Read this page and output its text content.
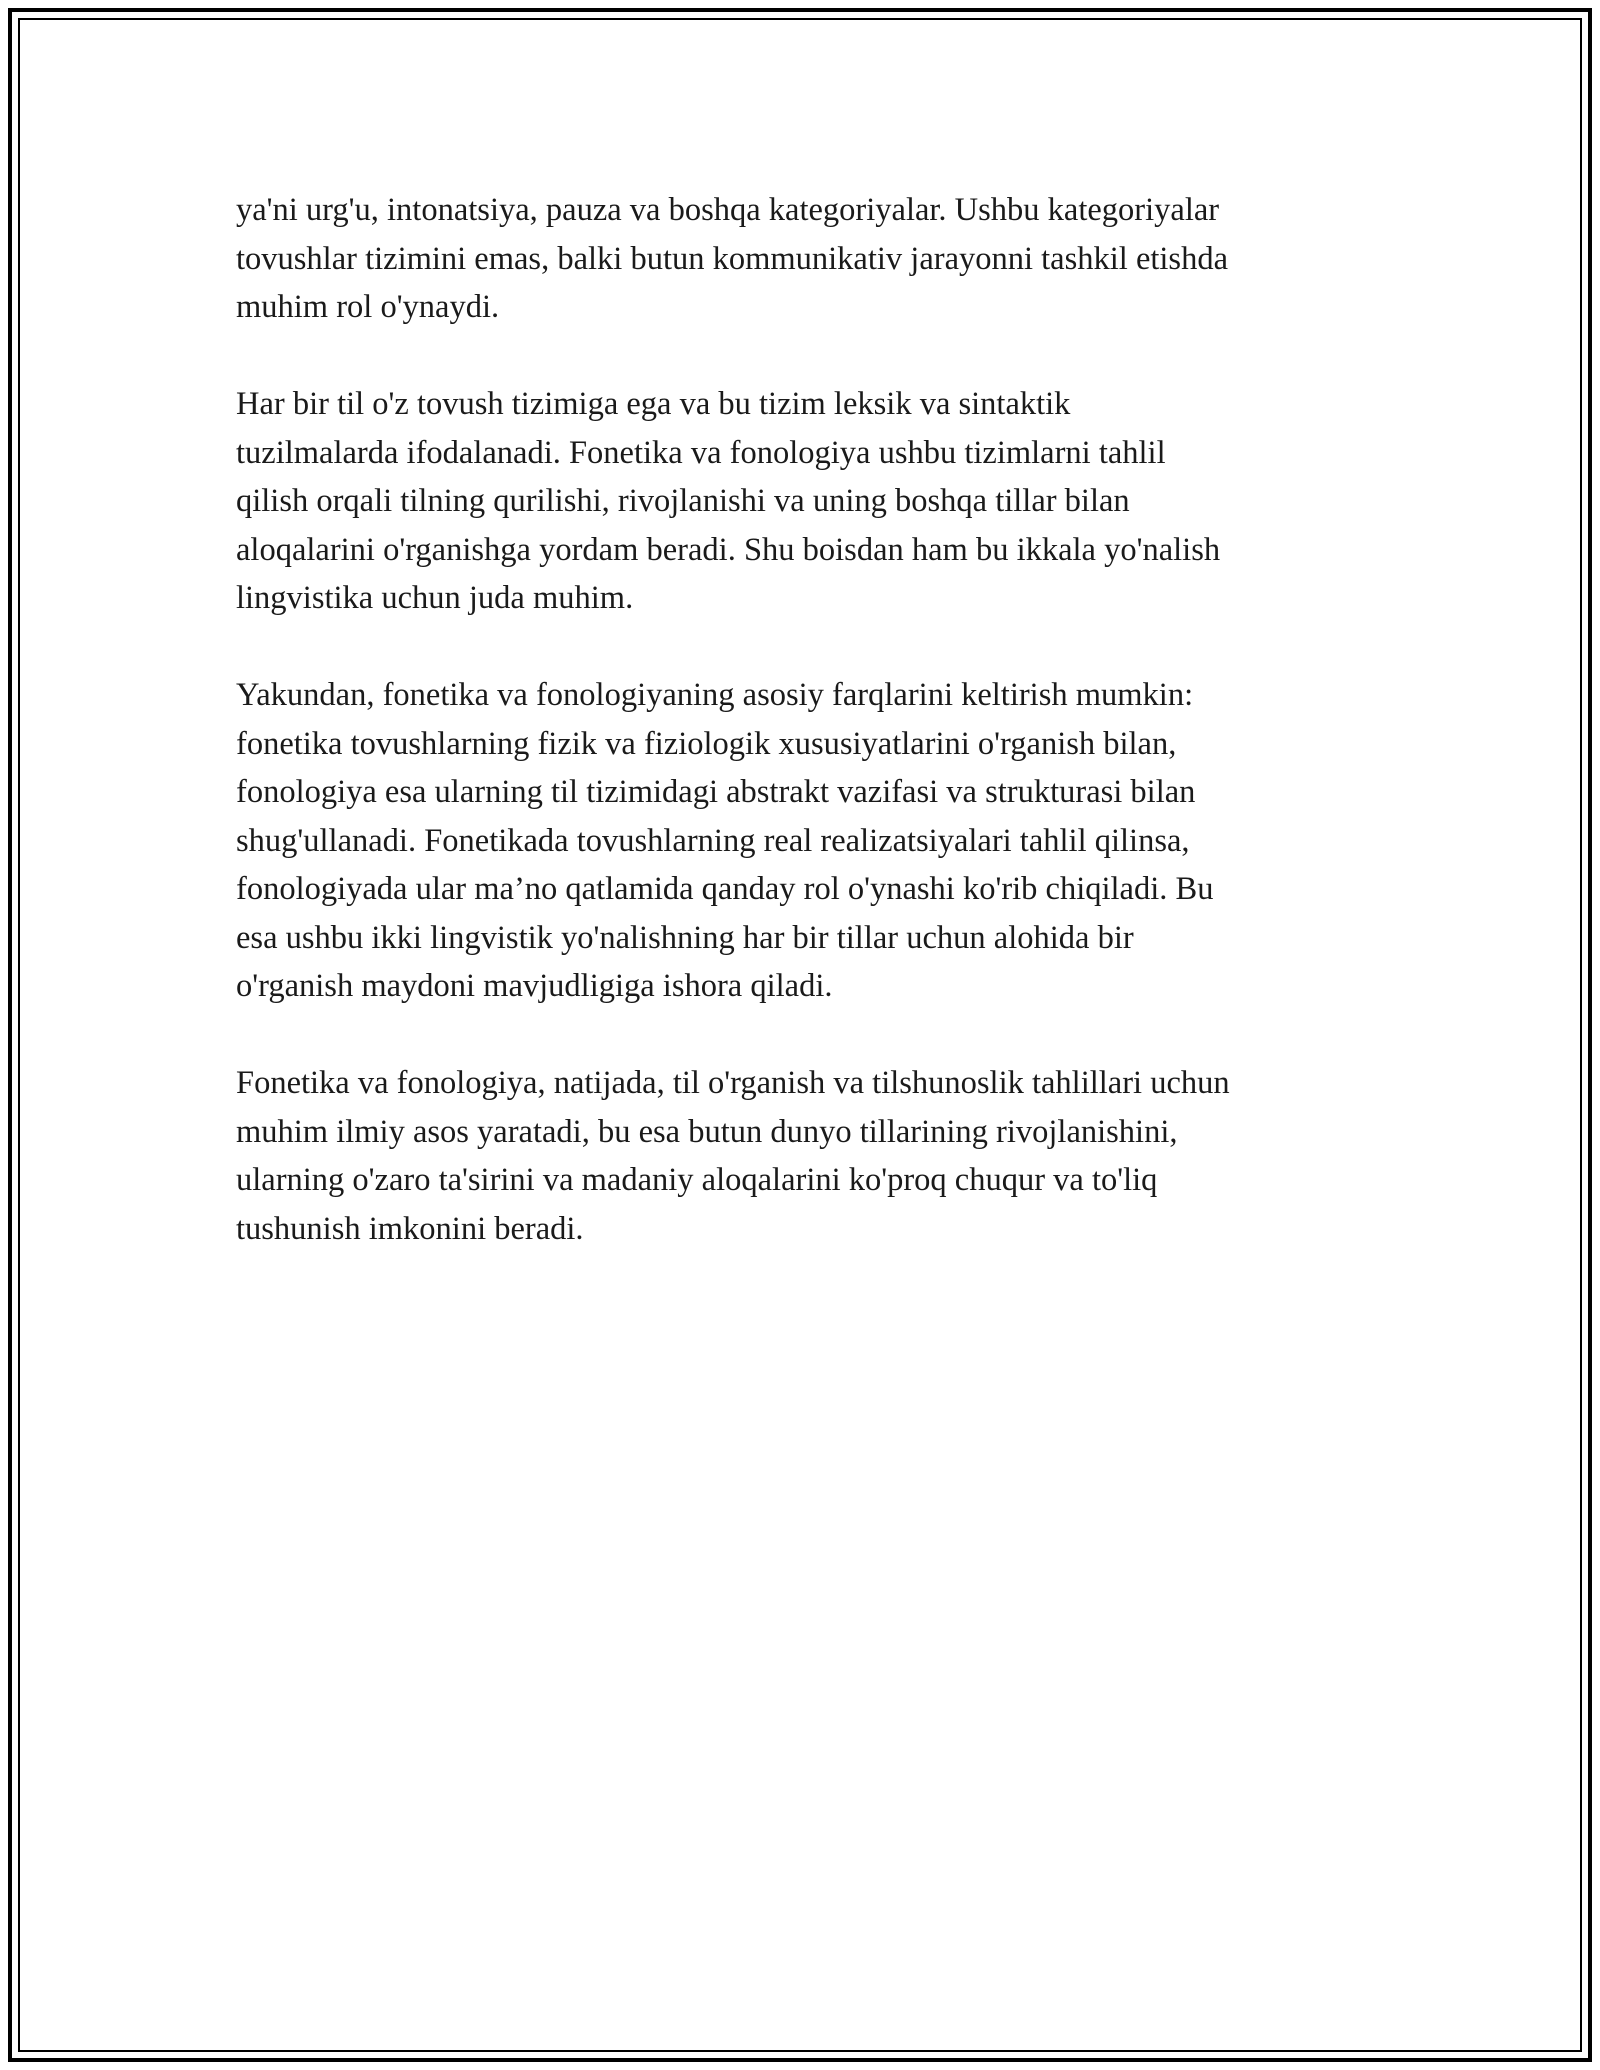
ya'ni urg'u, intonatsiya, pauza va boshqa kategoriyalar. Ushbu kategoriyalar
tovushlar tizimini emas, balki butun kommunikativ jarayonni tashkil etishda
muhim rol o'ynaydi.

Har bir til o'z tovush tizimiga ega va bu tizim leksik va sintaktik
tuzilmalarda ifodalanadi. Fonetika va fonologiya ushbu tizimlarni tahlil
qilish orqali tilning qurilishi, rivojlanishi va uning boshqa tillar bilan
aloqalarini o'rganishga yordam beradi. Shu boisdan ham bu ikkala yo'nalish
lingvistika uchun juda muhim.

Yakundan, fonetika va fonologiyaning asosiy farqlarini keltirish mumkin:
fonetika tovushlarning fizik va fiziologik xususiyatlarini o'rganish bilan,
fonologiya esa ularning til tizimidagi abstrakt vazifasi va strukturasi bilan
shug'ullanadi. Fonetikada tovushlarning real realizatsiyalari tahlil qilinsa,
fonologiyada ular ma’no qatlamida qanday rol o'ynashi ko'rib chiqiladi. Bu
esa ushbu ikki lingvistik yo'nalishning har bir tillar uchun alohida bir
o'rganish maydoni mavjudligiga ishora qiladi.

Fonetika va fonologiya, natijada, til o'rganish va tilshunoslik tahlillari uchun
muhim ilmiy asos yaratadi, bu esa butun dunyo tillarining rivojlanishini,
ularning o'zaro ta'sirini va madaniy aloqalarini ko'proq chuqur va to'liq
tushunish imkonini beradi.
